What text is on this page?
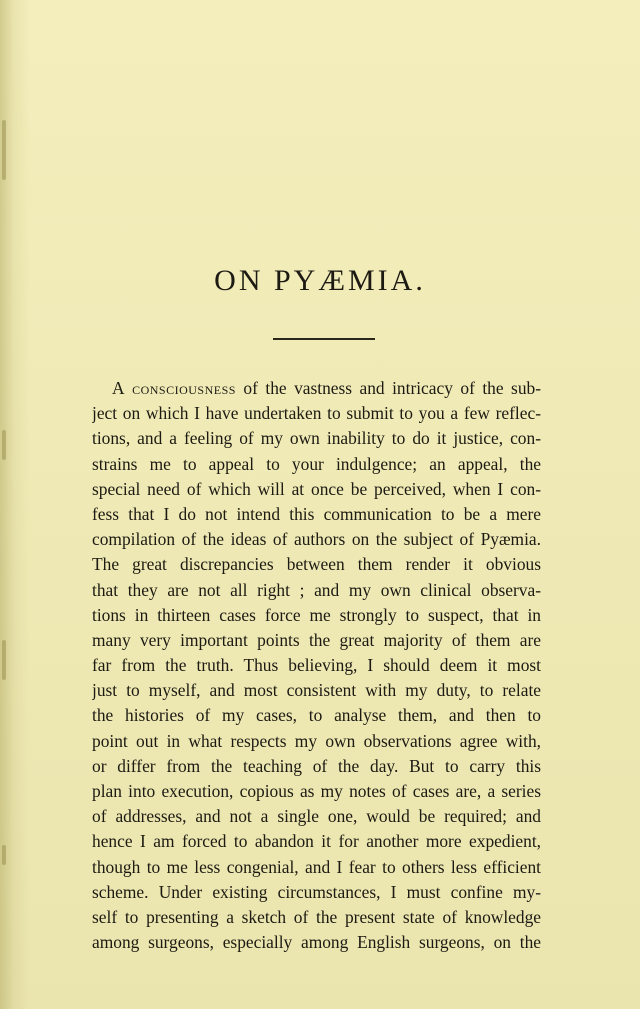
ON PYÆMIA.
A consciousness of the vastness and intricacy of the sub-
ject on which I have undertaken to submit to you a few reflec-
tions, and a feeling of my own inability to do it justice, con-
strains me to appeal to your indulgence; an appeal, the
special need of which will at once be perceived, when I con-
fess that I do not intend this communication to be a mere
compilation of the ideas of authors on the subject of Pyæmia.
The great discrepancies between them render it obvious
that they are not all right ; and my own clinical observa-
tions in thirteen cases force me strongly to suspect, that in
many very important points the great majority of them are
far from the truth. Thus believing, I should deem it most
just to myself, and most consistent with my duty, to relate
the histories of my cases, to analyse them, and then to
point out in what respects my own observations agree with,
or differ from the teaching of the day. But to carry this
plan into execution, copious as my notes of cases are, a series
of addresses, and not a single one, would be required; and
hence I am forced to abandon it for another more expedient,
though to me less congenial, and I fear to others less efficient
scheme. Under existing circumstances, I must confine my-
self to presenting a sketch of the present state of knowledge
among surgeons, especially among English surgeons, on the
